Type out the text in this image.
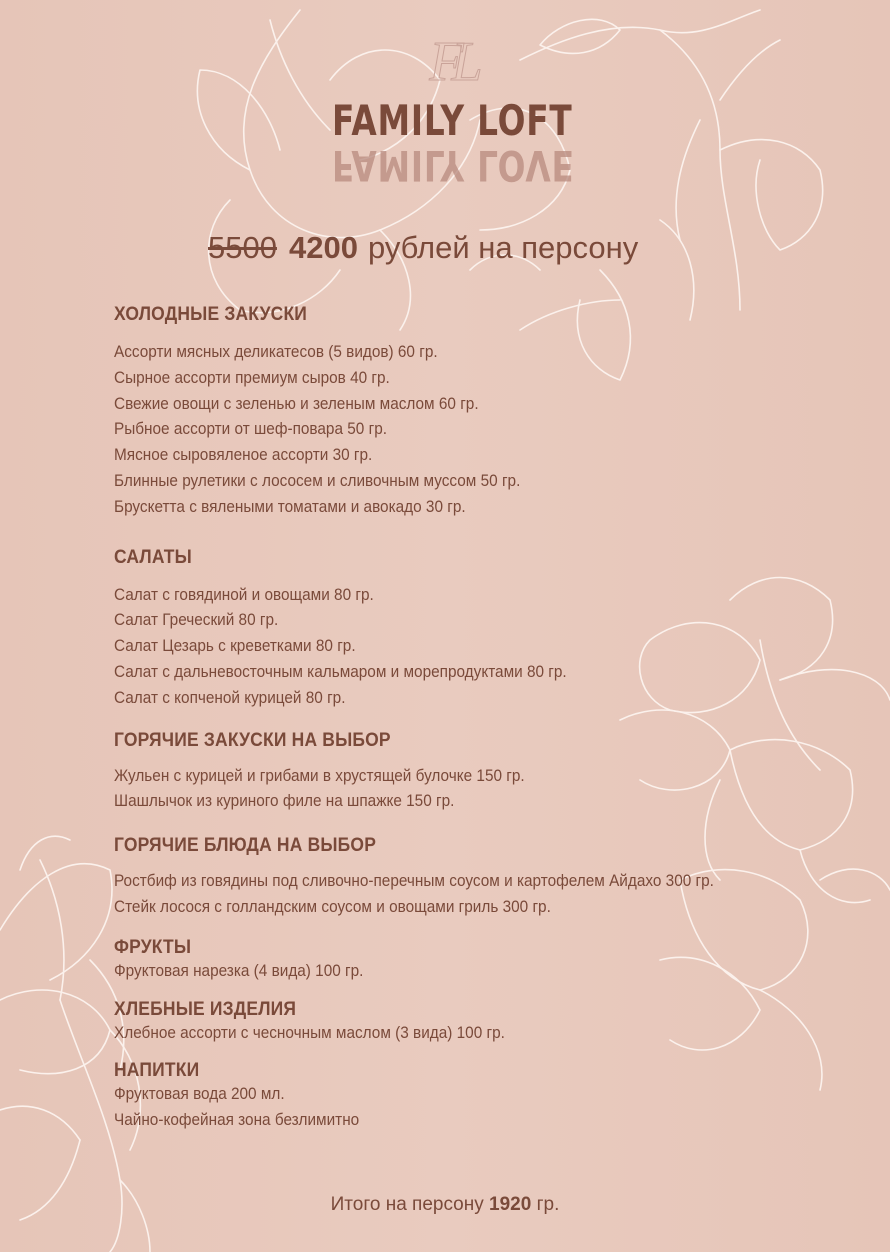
FL
FAMILY LOFT
FAMILY LOVE
5500 4200 рублей на персону
ХОЛОДНЫЕ ЗАКУСКИ
Ассорти мясных деликатесов (5 видов) 60 гр.
Сырное ассорти премиум сыров 40 гр.
Свежие овощи с зеленью и зеленым маслом 60 гр.
Рыбное ассорти от шеф-повара 50 гр.
Мясное сыровяленое ассорти 30 гр.
Блинные рулетики с лососем и сливочным муссом 50 гр.
Брускетта с вялеными томатами и авокадо 30 гр.
САЛАТЫ
Салат с говядиной и овощами 80 гр.
Салат Греческий 80 гр.
Салат Цезарь с креветками 80 гр.
Салат с дальневосточным кальмаром и морепродуктами 80 гр.
Салат с копченой курицей 80 гр.
ГОРЯЧИЕ ЗАКУСКИ НА ВЫБОР
Жульен с курицей и грибами в хрустящей булочке 150 гр.
Шашлычок из куриного филе на шпажке 150 гр.
ГОРЯЧИЕ БЛЮДА НА ВЫБОР
Ростбиф из говядины под сливочно-перечным соусом и картофелем Айдахо 300 гр.
Стейк лосося с голландским соусом и овощами гриль 300 гр.
ФРУКТЫ
Фруктовая нарезка (4 вида) 100 гр.
ХЛЕБНЫЕ ИЗДЕЛИЯ
Хлебное ассорти с чесночным маслом (3 вида) 100 гр.
НАПИТКИ
Фруктовая вода 200 мл.
Чайно-кофейная зона безлимитно
Итого на персону 1920 гр.
